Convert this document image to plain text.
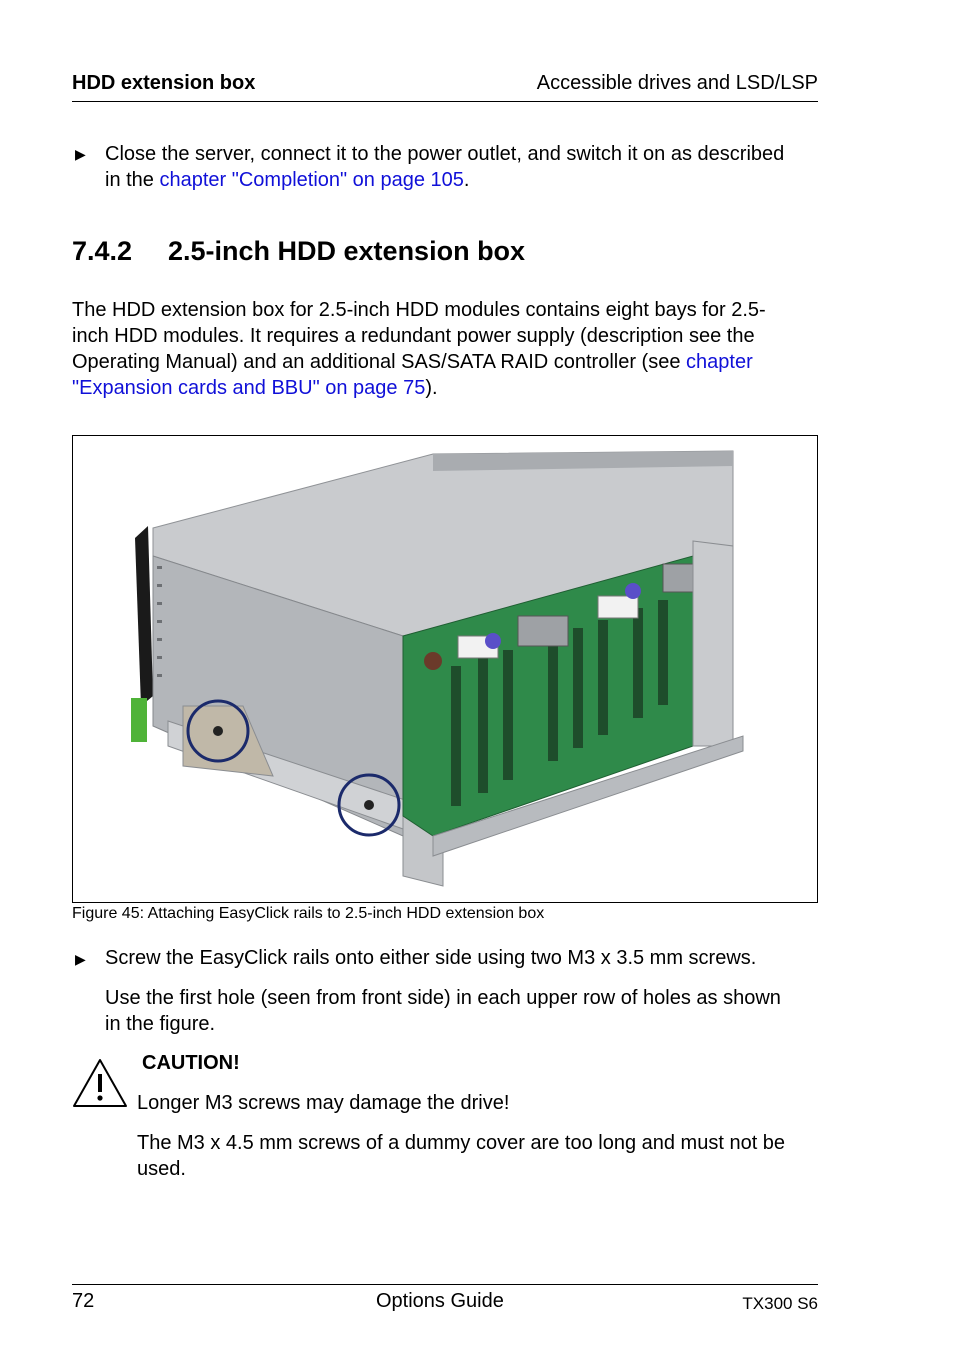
HDD extension box	Accessible drives and LSD/LSP
▶ Close the server, connect it to the power outlet, and switch it on as described
in the chapter "Completion" on page 105.
7.4.2 2.5-inch HDD extension box
The HDD extension box for 2.5-inch HDD modules contains eight bays for 2.5-
inch HDD modules. It requires a redundant power supply (description see the
Operating Manual) and an additional SAS/SATA RAID controller (see chapter
"Expansion cards and BBU" on page 75).
Figure 45: Attaching EasyClick rails to 2.5-inch HDD extension box
▶ Screw the EasyClick rails onto either side using two M3 x 3.5 mm screws.
Use the first hole (seen from front side) in each upper row of holes as shown
in the figure.
CAUTION!
Longer M3 screws may damage the drive!
The M3 x 4.5 mm screws of a dummy cover are too long and must not be
used.
72	Options Guide	TX300 S6
